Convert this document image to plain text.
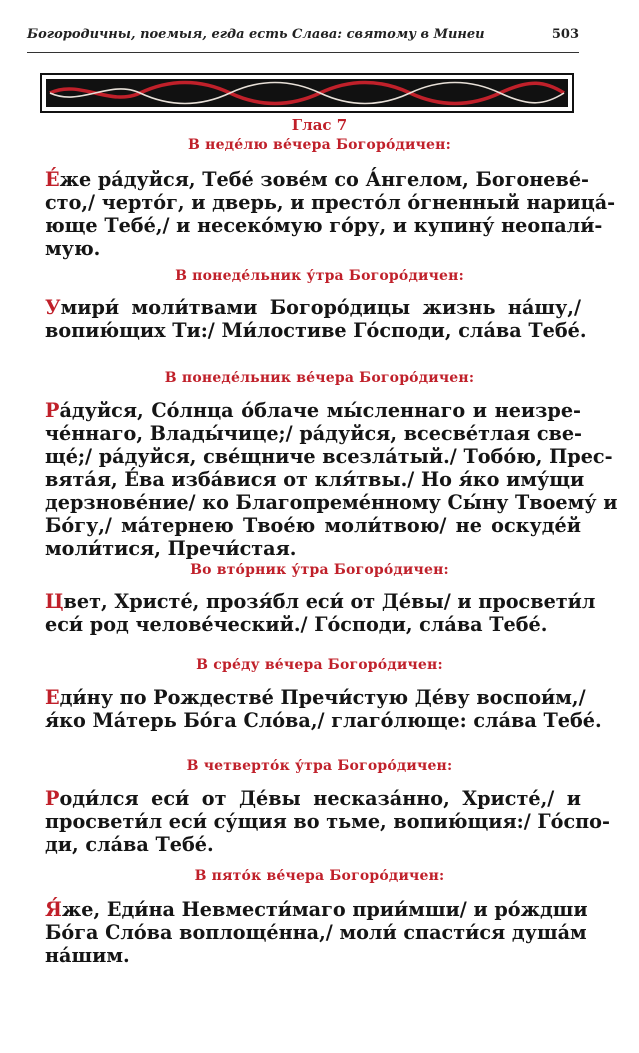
Богородичны, поемыя, егда есть Слава: святому в Минеи	503
Глас 7
В неде́лю ве́чера Богоро́дичен:
Е́же ра́дуйся, Тебе́ зове́м со А́нгелом, Богоневе́-
сто,/ черто́г, и дверь, и престо́л о́гненный нарица́-
юще Тебе́,/ и несеко́мую го́ру, и купину́ неопали́-
мую.
В понеде́льник у́тра Богоро́дичен:
Умири́ моли́твами Богоро́дицы жизнь на́шу,/
вопию́щих Ти:/ Ми́лостиве Го́споди, сла́ва Тебе́.
В понеде́льник ве́чера Богоро́дичен:
Ра́дуйся, Со́лнца о́блаче мы́сленнаго и неизре-
че́ннаго, Влады́чице;/ ра́дуйся, всесве́тлая све-
ще́;/ ра́дуйся, све́щниче всезла́тый./ Тобо́ю, Прес-
вята́я, Е́ва изба́вися от кля́твы./ Но я́ко иму́щи
дерзнове́ние/ ко Благопреме́нному Сы́ну Твоему́ и
Бо́гу,/ ма́тернею Твое́ю моли́твою/ не оскуде́й
моли́тися, Пречи́стая.
Во вто́рник у́тра Богоро́дичен:
Цвет, Христе́, прозя́бл еси́ от Де́вы/ и просвети́л
еси́ род челове́ческий./ Го́споди, сла́ва Тебе́.
В сре́ду ве́чера Богоро́дичен:
Еди́ну по Рождестве́ Пречи́стую Де́ву воспои́м,/
я́ко Ма́терь Бо́га Сло́ва,/ глаго́люще: сла́ва Тебе́.
В четверто́к у́тра Богоро́дичен:
Роди́лся еси́ от Де́вы несказа́нно, Христе́,/ и
просвети́л еси́ су́щия во тьме, вопию́щия:/ Го́спо-
ди, сла́ва Тебе́.
В пято́к ве́чера Богоро́дичен:
Я́же, Еди́на Невмести́маго прии́мши/ и ро́ждши
Бо́га Сло́ва воплоще́нна,/ моли́ спасти́ся душа́м
на́шим.
